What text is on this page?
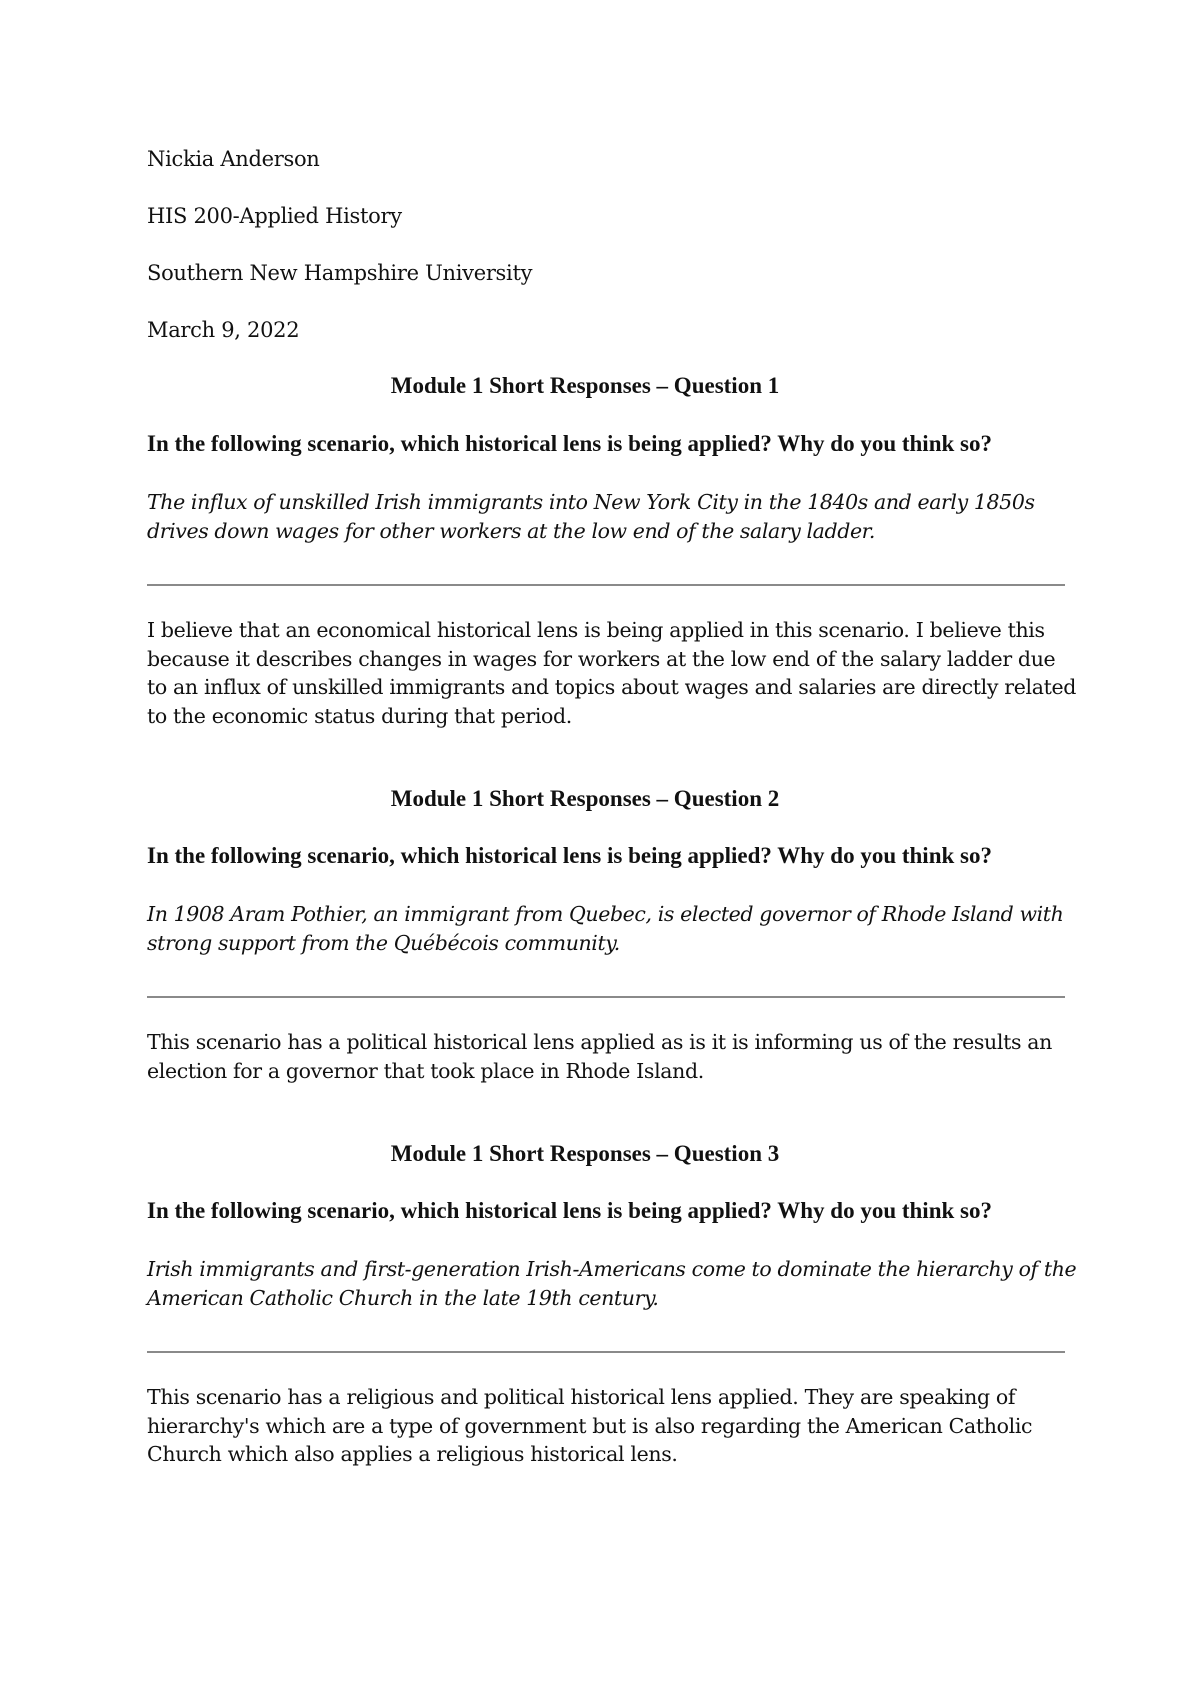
Nickia Anderson

HIS 200-Applied History

Southern New Hampshire University

March 9, 2022

Module 1 Short Responses – Question 1

In the following scenario, which historical lens is being applied? Why do you think so?

The influx of unskilled Irish immigrants into New York City in the 1840s and early 1850s drives down wages for other workers at the low end of the salary ladder.

I believe that an economical historical lens is being applied in this scenario. I believe this because it describes changes in wages for workers at the low end of the salary ladder due to an influx of unskilled immigrants and topics about wages and salaries are directly related to the economic status during that period.

Module 1 Short Responses – Question 2

In the following scenario, which historical lens is being applied? Why do you think so?

In 1908 Aram Pothier, an immigrant from Quebec, is elected governor of Rhode Island with strong support from the Québécois community.

This scenario has a political historical lens applied as is it is informing us of the results an election for a governor that took place in Rhode Island.

Module 1 Short Responses – Question 3

In the following scenario, which historical lens is being applied? Why do you think so?

Irish immigrants and first-generation Irish-Americans come to dominate the hierarchy of the American Catholic Church in the late 19th century.

This scenario has a religious and political historical lens applied. They are speaking of hierarchy's which are a type of government but is also regarding the American Catholic Church which also applies a religious historical lens.
